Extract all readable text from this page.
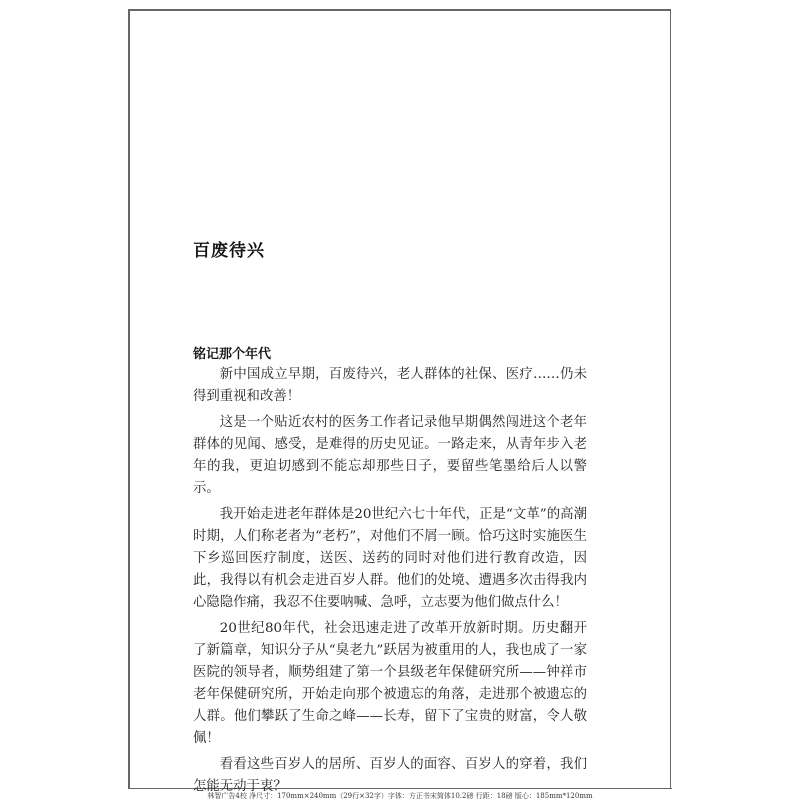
百废待兴
铭记那个年代

新中国成立早期，百废待兴，老人群体的社保、医疗……仍未得到重视和改善！

这是一个贴近农村的医务工作者记录他早期偶然闯进这个老年群体的见闻、感受，是难得的历史见证。一路走来，从青年步入老年的我，更迫切感到不能忘却那些日子，要留些笔墨给后人以警示。

我开始走进老年群体是20世纪六七十年代，正是“文革”的高潮时期，人们称老者为“老朽”，对他们不屑一顾。恰巧这时实施医生下乡巡回医疗制度，送医、送药的同时对他们进行教育改造，因此，我得以有机会走进百岁人群。他们的处境、遭遇多次击得我内心隐隐作痛，我忍不住要呐喊、急呼，立志要为他们做点什么！

20世纪80年代，社会迅速走进了改革开放新时期。历史翻开了新篇章，知识分子从“臭老九”跃居为被重用的人，我也成了一家医院的领导者，顺势组建了第一个县级老年保健研究所——钟祥市老年保健研究所，开始走向那个被遗忘的角落，走进那个被遗忘的人群。他们攀跃了生命之峰——长寿，留下了宝贵的财富，令人敬佩！

看看这些百岁人的居所、百岁人的面容、百岁人的穿着，我们怎能无动于衷？

林智广告4校 净尺寸：170mm×240mm（29行×32字）字体：方正书宋简体10.2磅 行距：18磅 版心：185mm*120mm
